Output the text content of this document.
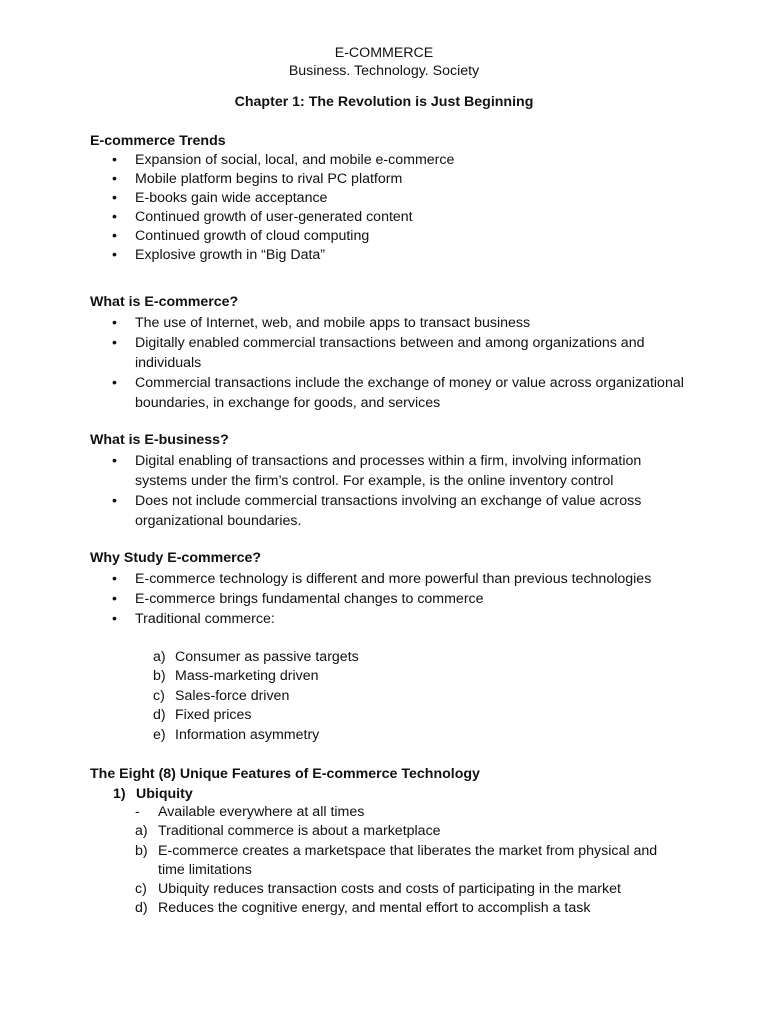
E-COMMERCE
Business. Technology. Society
Chapter 1: The Revolution is Just Beginning
E-commerce Trends
• Expansion of social, local, and mobile e-commerce
• Mobile platform begins to rival PC platform
• E-books gain wide acceptance
• Continued growth of user-generated content
• Continued growth of cloud computing
• Explosive growth in “Big Data”
What is E-commerce?
• The use of Internet, web, and mobile apps to transact business
• Digitally enabled commercial transactions between and among organizations and individuals
• Commercial transactions include the exchange of money or value across organizational boundaries, in exchange for goods, and services
What is E-business?
• Digital enabling of transactions and processes within a firm, involving information systems under the firm’s control. For example, is the online inventory control
• Does not include commercial transactions involving an exchange of value across organizational boundaries.
Why Study E-commerce?
• E-commerce technology is different and more powerful than previous technologies
• E-commerce brings fundamental changes to commerce
• Traditional commerce:
a) Consumer as passive targets
b) Mass-marketing driven
c) Sales-force driven
d) Fixed prices
e) Information asymmetry
The Eight (8) Unique Features of E-commerce Technology
1) Ubiquity
- Available everywhere at all times
a) Traditional commerce is about a marketplace
b) E-commerce creates a marketspace that liberates the market from physical and time limitations
c) Ubiquity reduces transaction costs and costs of participating in the market
d) Reduces the cognitive energy, and mental effort to accomplish a task
